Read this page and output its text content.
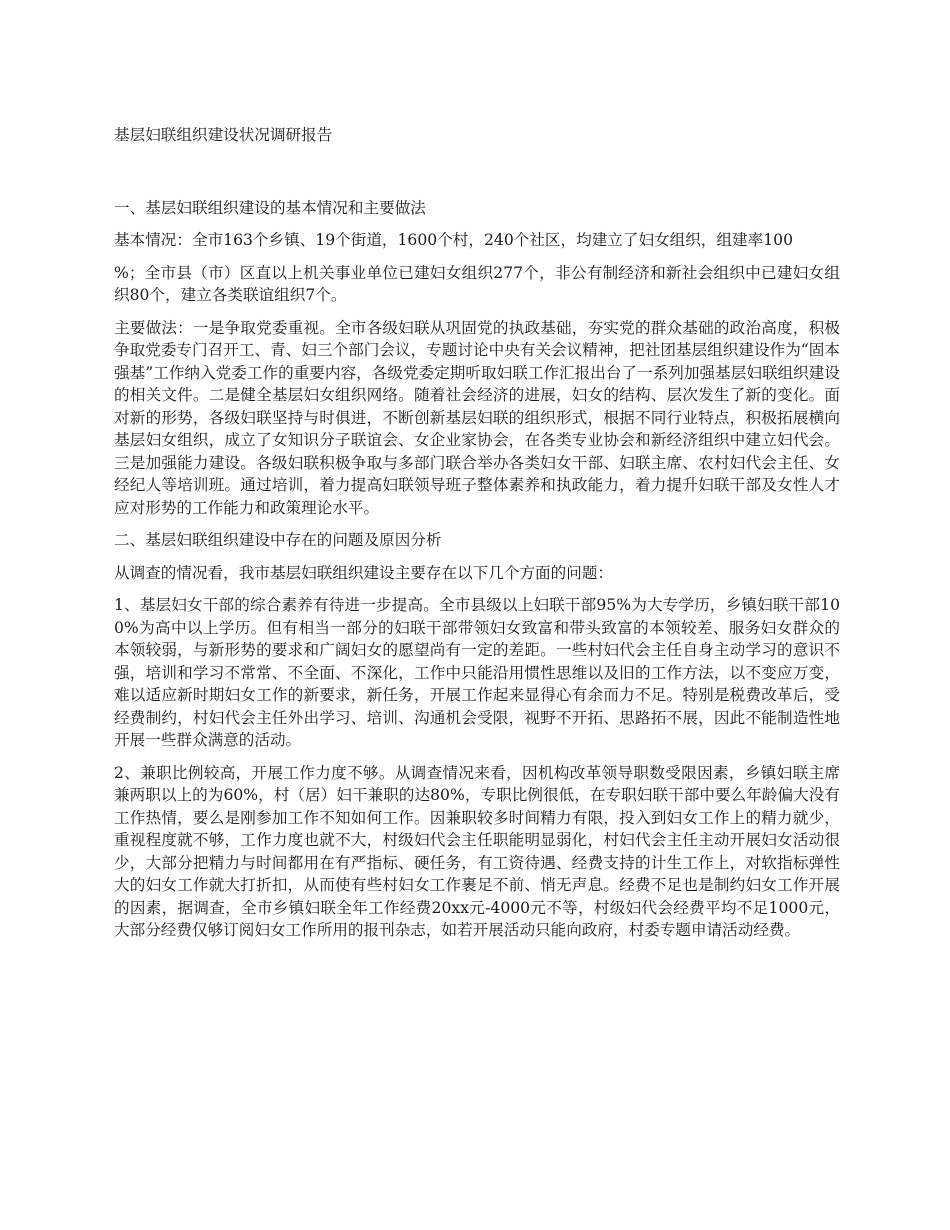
基层妇联组织建设状况调研报告
一、基层妇联组织建设的基本情况和主要做法
基本情况：全市163个乡镇、19个街道，1600个村，240个社区，均建立了妇女组织，组建率100
%；全市县（市）区直以上机关事业单位已建妇女组织277个，非公有制经济和新社会组织中已建妇女组织80个，建立各类联谊组织7个。
主要做法：一是争取党委重视。全市各级妇联从巩固党的执政基础，夯实党的群众基础的政治高度，积极争取党委专门召开工、青、妇三个部门会议，专题讨论中央有关会议精神，把社团基层组织建设作为“固本强基”工作纳入党委工作的重要内容，各级党委定期听取妇联工作汇报出台了一系列加强基层妇联组织建设的相关文件。二是健全基层妇女组织网络。随着社会经济的进展，妇女的结构、层次发生了新的变化。面对新的形势，各级妇联坚持与时俱进，不断创新基层妇联的组织形式，根据不同行业特点，积极拓展横向基层妇女组织，成立了女知识分子联谊会、女企业家协会，在各类专业协会和新经济组织中建立妇代会。三是加强能力建设。各级妇联积极争取与多部门联合举办各类妇女干部、妇联主席、农村妇代会主任、女经纪人等培训班。通过培训，着力提高妇联领导班子整体素养和执政能力，着力提升妇联干部及女性人才应对形势的工作能力和政策理论水平。
二、基层妇联组织建设中存在的问题及原因分析
从调查的情况看，我市基层妇联组织建设主要存在以下几个方面的问题：
1、基层妇女干部的综合素养有待进一步提高。全市县级以上妇联干部95%为大专学历，乡镇妇联干部100%为高中以上学历。但有相当一部分的妇联干部带领妇女致富和带头致富的本领较差、服务妇女群众的本领较弱，与新形势的要求和广阔妇女的愿望尚有一定的差距。一些村妇代会主任自身主动学习的意识不强，培训和学习不常常、不全面、不深化，工作中只能沿用惯性思维以及旧的工作方法，以不变应万变，难以适应新时期妇女工作的新要求，新任务，开展工作起来显得心有余而力不足。特别是税费改革后，受经费制约，村妇代会主任外出学习、培训、沟通机会受限，视野不开拓、思路拓不展，因此不能制造性地开展一些群众满意的活动。
2、兼职比例较高，开展工作力度不够。从调查情况来看，因机构改革领导职数受限因素，乡镇妇联主席兼两职以上的为60%，村（居）妇干兼职的达80%，专职比例很低，在专职妇联干部中要么年龄偏大没有工作热情，要么是刚参加工作不知如何工作。因兼职较多时间精力有限，投入到妇女工作上的精力就少，重视程度就不够，工作力度也就不大，村级妇代会主任职能明显弱化，村妇代会主任主动开展妇女活动很少，大部分把精力与时间都用在有严指标、硬任务，有工资待遇、经费支持的计生工作上，对软指标弹性大的妇女工作就大打折扣，从而使有些村妇女工作裹足不前、悄无声息。经费不足也是制约妇女工作开展的因素，据调查，全市乡镇妇联全年工作经费20xx元-4000元不等，村级妇代会经费平均不足1000元，大部分经费仅够订阅妇女工作所用的报刊杂志，如若开展活动只能向政府，村委专题申请活动经费。
